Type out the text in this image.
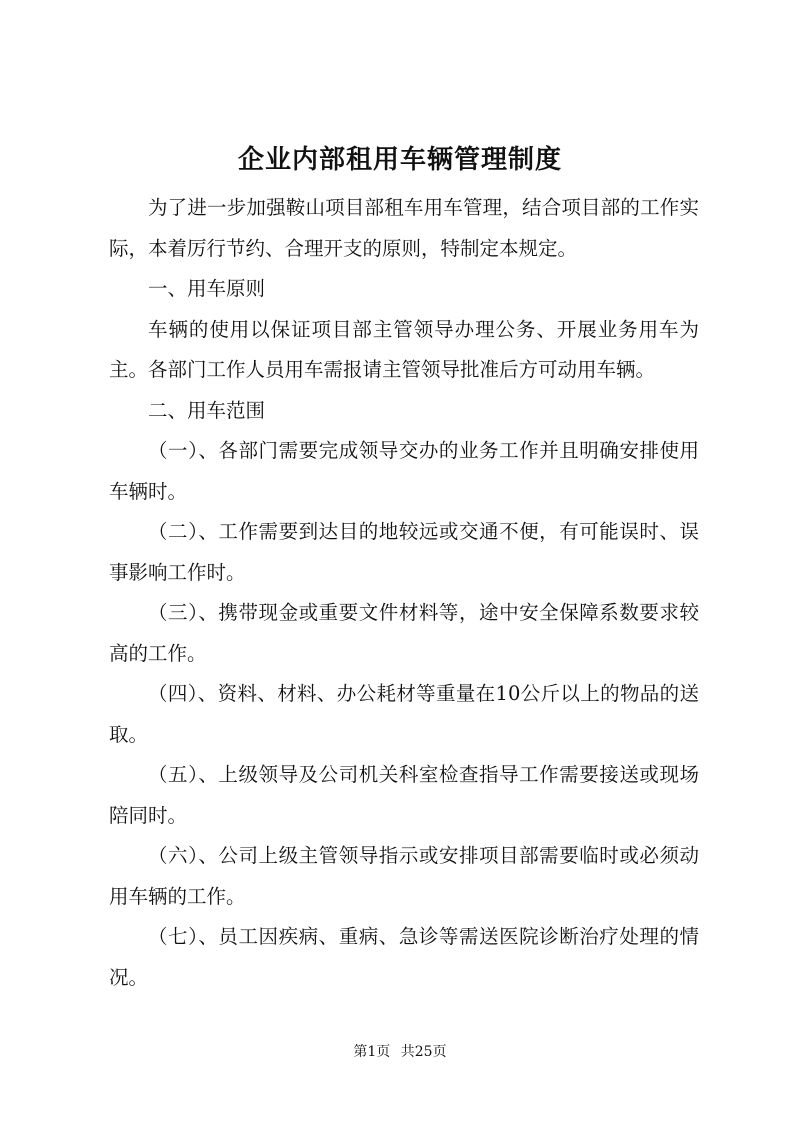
企业内部租用车辆管理制度

为了进一步加强鞍山项目部租车用车管理，结合项目部的工作实际，本着厉行节约、合理开支的原则，特制定本规定。

一、用车原则

车辆的使用以保证项目部主管领导办理公务、开展业务用车为主。各部门工作人员用车需报请主管领导批准后方可动用车辆。

二、用车范围

（一）、各部门需要完成领导交办的业务工作并且明确安排使用车辆时。

（二）、工作需要到达目的地较远或交通不便，有可能误时、误事影响工作时。

（三）、携带现金或重要文件材料等，途中安全保障系数要求较高的工作。

（四）、资料、材料、办公耗材等重量在10公斤以上的物品的送取。

（五）、上级领导及公司机关科室检查指导工作需要接送或现场陪同时。

（六）、公司上级主管领导指示或安排项目部需要临时或必须动用车辆的工作。

（七）、员工因疾病、重病、急诊等需送医院诊断治疗处理的情况。

第1页 共25页
